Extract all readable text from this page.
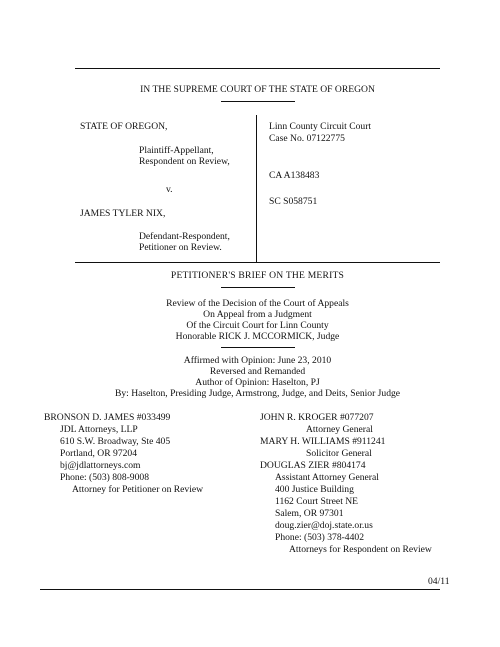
IN THE SUPREME COURT OF THE STATE OF OREGON
STATE OF OREGON,
Plaintiff-Appellant,
Respondent on Review,
v.
JAMES TYLER NIX,
Defendant-Respondent,
Petitioner on Review.
Linn County Circuit Court
Case No. 07122775
CA A138483
SC S058751
PETITIONER'S BRIEF ON THE MERITS
Review of the Decision of the Court of Appeals
On Appeal from a Judgment
Of the Circuit Court for Linn County
Honorable RICK J. MCCORMICK, Judge
Affirmed with Opinion: June 23, 2010
Reversed and Remanded
Author of Opinion: Haselton, PJ
By: Haselton, Presiding Judge, Armstrong, Judge, and Deits, Senior Judge
BRONSON D. JAMES #033499
JDL Attorneys, LLP
610 S.W. Broadway, Ste 405
Portland, OR 97204
bj@jdlattorneys.com
Phone: (503) 808-9008
Attorney for Petitioner on Review
JOHN R. KROGER #077207
Attorney General
MARY H. WILLIAMS #911241
Solicitor General
DOUGLAS ZIER #804174
Assistant Attorney General
400 Justice Building
1162 Court Street NE
Salem, OR 97301
doug.zier@doj.state.or.us
Phone: (503) 378-4402
Attorneys for Respondent on Review
04/11
